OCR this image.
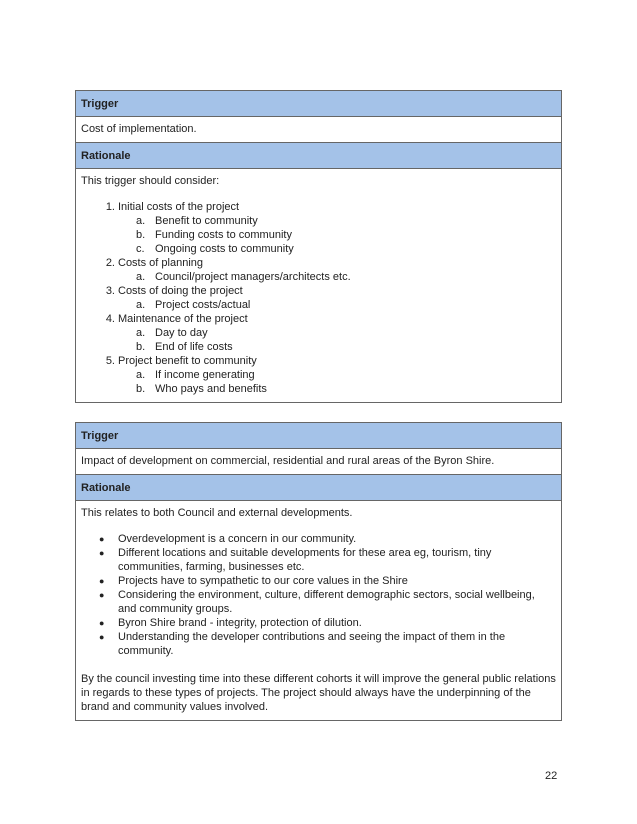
Trigger
Cost of implementation.
Rationale
This trigger should consider:
1. Initial costs of the project
a. Benefit to community
b. Funding costs to community
c. Ongoing costs to community
2. Costs of planning
a. Council/project managers/architects etc.
3. Costs of doing the project
a. Project costs/actual
4. Maintenance of the project
a. Day to day
b. End of life costs
5. Project benefit to community
a. If income generating
b. Who pays and benefits
Trigger
Impact of development on commercial, residential and rural areas of the Byron Shire.
Rationale
This relates to both Council and external developments.
● Overdevelopment is a concern in our community.
● Different locations and suitable developments for these area eg, tourism, tiny communities, farming, businesses etc.
● Projects have to sympathetic to our core values in the Shire
● Considering the environment, culture, different demographic sectors, social wellbeing, and community groups.
● Byron Shire brand - integrity, protection of dilution.
● Understanding the developer contributions and seeing the impact of them in the community.
By the council investing time into these different cohorts it will improve the general public relations in regards to these types of projects. The project should always have the underpinning of the brand and community values involved.
22
